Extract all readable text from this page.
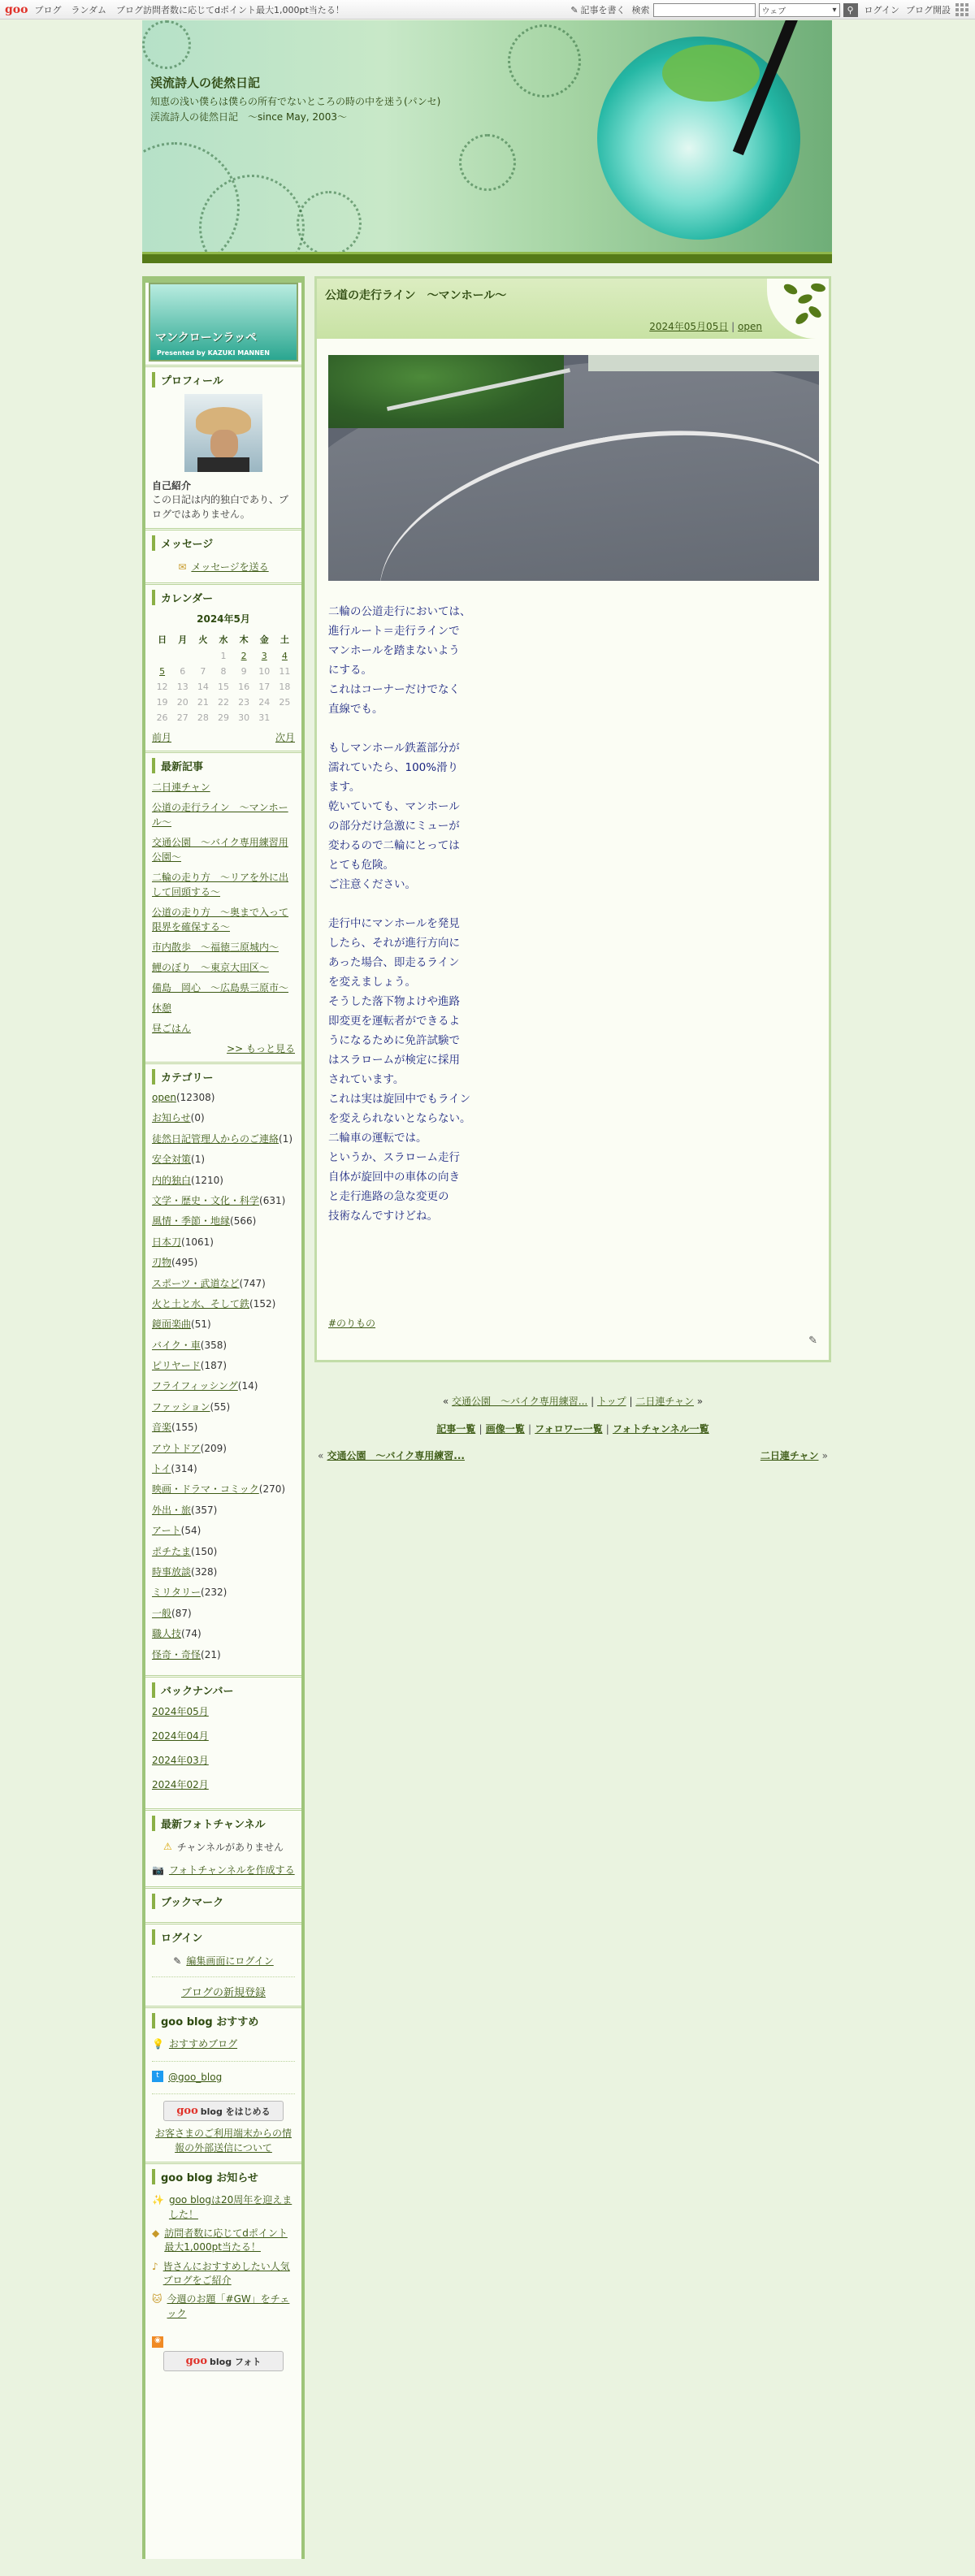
goo ブログ ランダム ブログ訪問者数に応じてdポイント最大1,000pt当たる！	✎ 記事を書く 検索	ウェブ	▾ ⚲ ログイン ブログ開設
渓流詩人の徒然日記
知恵の浅い僕らは僕らの所有でないところの時の中を迷う(パンセ)　渓流詩人の徒然日記　～since May, 2003～
マンクローンラッペ
Presented by KAZUKI MANNEN
プロフィール
自己紹介
この日記は内的独白であり、ブログではありません。
メッセージ
✉ メッセージを送る
カレンダー
2024年5月
日	月	火	水	木	金	土
			1	2	3	4
5	6	7	8	9	10	11
12	13	14	15	16	17	18
19	20	21	22	23	24	25
26	27	28	29	30	31	
前月	次月
最新記事
二日連チャン
公道の走行ライン　～マンホール～
交通公園　～バイク専用練習用公園～
二輪の走り方　～リアを外に出して回頭する～
公道の走り方　～奥まで入って限界を確保する～
市内散歩　～福徳三原城内～
鯉のぼり　～東京大田区～
備島　岡心　～広島県三原市～
休憩
昼ごはん
>> もっと見る
カテゴリー
open(12308)
お知らせ(0)
徒然日記管理人からのご連絡(1)
安全対策(1)
内的独白(1210)
文学・歴史・文化・科学(631)
風情・季節・地縁(566)
日本刀(1061)
刃物(495)
スポーツ・武道など(747)
火と土と水、そして鉄(152)
鏡面楽曲(51)
バイク・車(358)
ピリヤード(187)
フライフィッシング(14)
ファッション(55)
音楽(155)
アウトドア(209)
トイ(314)
映画・ドラマ・コミック(270)
外出・旅(357)
アート(54)
ポチたま(150)
時事放談(328)
ミリタリー(232)
一般(87)
職人技(74)
怪奇・奇怪(21)
バックナンバー
2024年05月
2024年04月
2024年03月
2024年02月
最新フォトチャンネル
⚠ チャンネルがありません
📷 フォトチャンネルを作成する
ブックマーク
ログイン
✎ 編集画面にログイン
ブログの新規登録
goo blog おすすめ
💡 おすすめブログ
t @goo_blog
goo blog をはじめる
お客さまのご利用端末からの情報の外部送信について
goo blog お知らせ
✨ goo blogは20周年を迎えました！
◆ 訪問者数に応じてdポイント最大1,000pt当たる！
♪ 皆さんにおすすめしたい人気ブログをご紹介
🐱 今週のお題「#GW」をチェック
◉
goo blog フォト
公道の走行ライン　～マンホール～
2024年05月05日 | open
二輪の公道走行においては、
進行ルート＝走行ラインで
マンホールを踏まないよう
にする。
これはコーナーだけでなく
直線でも。

もしマンホール鉄蓋部分が
濡れていたら、100%滑り
ます。
乾いていても、マンホール
の部分だけ急激にミューが
変わるので二輪にとっては
とても危険。
ご注意ください。

走行中にマンホールを発見
したら、それが進行方向に
あった場合、即走るライン
を変えましょう。
そうした落下物よけや進路
即変更を運転者ができるよ
うになるために免許試験で
はスラロームが検定に採用
されています。
これは実は旋回中でもライン
を変えられないとならない。
二輪車の運転では。
というか、スラローム走行
自体が旋回中の車体の向き
と走行進路の急な変更の
技術なんですけどね。
#のりもの
✎
« 交通公園　～バイク専用練習... | トップ | 二日連チャン »
記事一覧 | 画像一覧 | フォロワー一覧 | フォトチャンネル一覧
« 交通公園　～バイク専用練習...	二日連チャン »
